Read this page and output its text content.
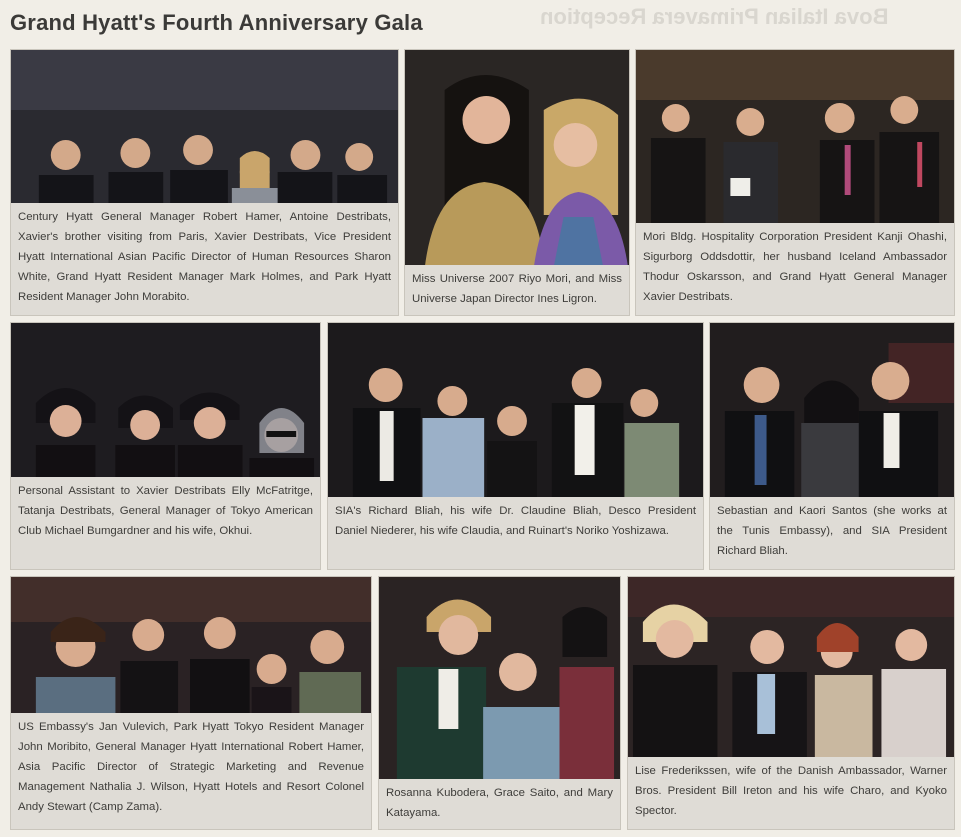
Grand Hyatt's Fourth Anniversary Gala	Bova Italian Primavera Reception
Century Hyatt General Manager Robert Hamer, Antoine Destribats, Xavier's brother visiting from Paris, Xavier Destribats, Vice President Hyatt International Asian Pacific Director of Human Resources Sharon White, Grand Hyatt Resident Manager Mark Holmes, and Park Hyatt Resident Manager John Morabito.
Miss Universe 2007 Riyo Mori, and Miss Universe Japan Director Ines Ligron.
Mori Bldg. Hospitality Corporation President Kanji Ohashi, Sigurborg Oddsdottir, her husband Iceland Ambassador Thodur Oskarsson, and Grand Hyatt General Manager Xavier Destribats.
Personal Assistant to Xavier Destribats Elly McFatritge, Tatanja Destribats, General Manager of Tokyo American Club Michael Bumgardner and his wife, Okhui.
SIA's Richard Bliah, his wife Dr. Claudine Bliah, Desco President Daniel Niederer, his wife Claudia, and Ruinart's Noriko Yoshizawa.
Sebastian and Kaori Santos (she works at the Tunis Embassy), and SIA President Richard Bliah.
US Embassy's Jan Vulevich, Park Hyatt Tokyo Resident Manager John Moribito, General Manager Hyatt International Robert Hamer, Asia Pacific Director of Strategic Marketing and Revenue Management Nathalia J. Wilson, Hyatt Hotels and Resort Colonel Andy Stewart (Camp Zama).
Rosanna Kubodera, Grace Saito, and Mary Katayama.
Lise Frederikssen, wife of the Danish Ambassador, Warner Bros. President Bill Ireton and his wife Charo, and Kyoko Spector.
